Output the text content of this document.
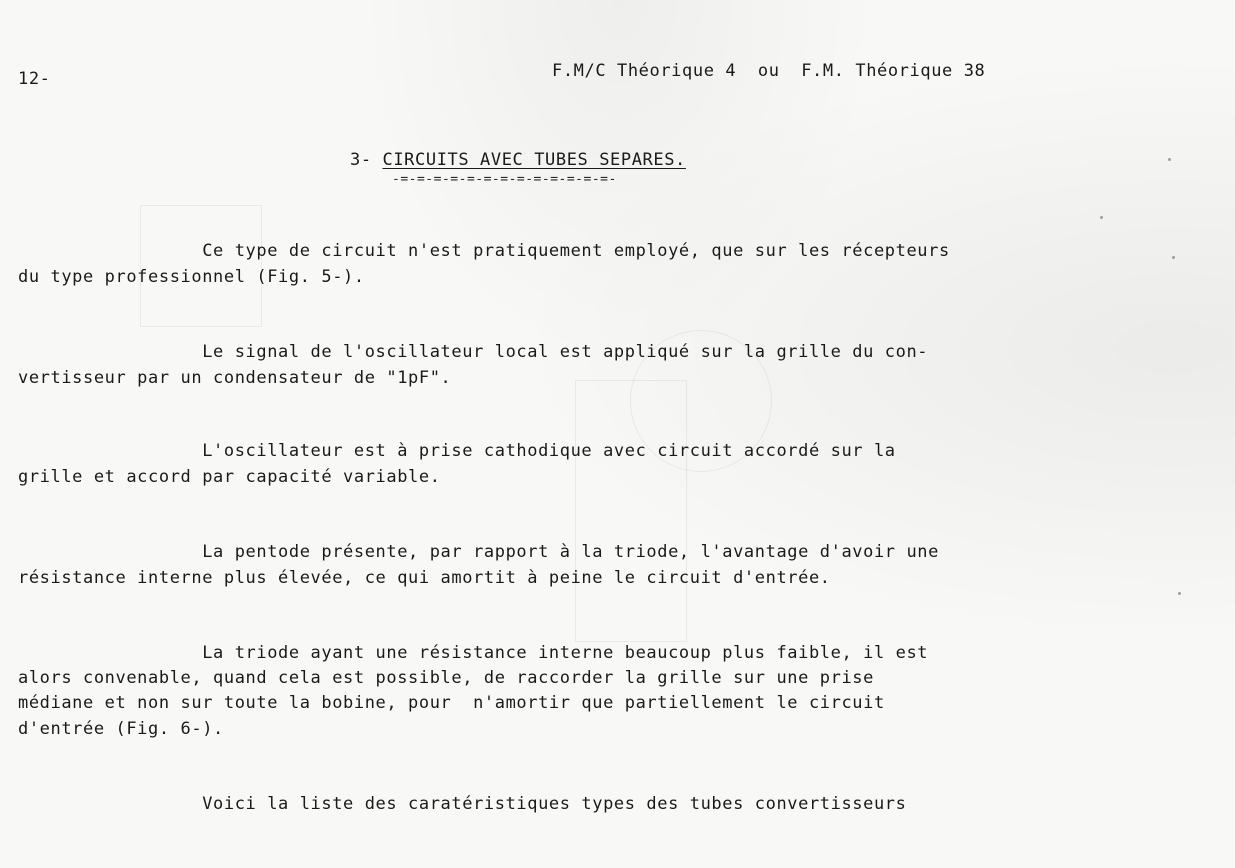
12-	F.M/C Théorique 4  ou  F.M. Théorique 38
3- CIRCUITS AVEC TUBES SEPARES.
-=-=-=-=-=-=-=-=-=-=-=-=-=-
Ce type de circuit n'est pratiquement employé, que sur les récepteurs
du type professionnel (Fig. 5-).
Le signal de l'oscillateur local est appliqué sur la grille du con-
vertisseur par un condensateur de "1pF".
L'oscillateur est à prise cathodique avec circuit accordé sur la
grille et accord par capacité variable.
La pentode présente, par rapport à la triode, l'avantage d'avoir une
résistance interne plus élevée, ce qui amortit à peine le circuit d'entrée.
La triode ayant une résistance interne beaucoup plus faible, il est
alors convenable, quand cela est possible, de raccorder la grille sur une prise
médiane et non sur toute la bobine, pour  n'amortir que partiellement le circuit
d'entrée (Fig. 6-).
Voici la liste des caratéristiques types des tubes convertisseurs
